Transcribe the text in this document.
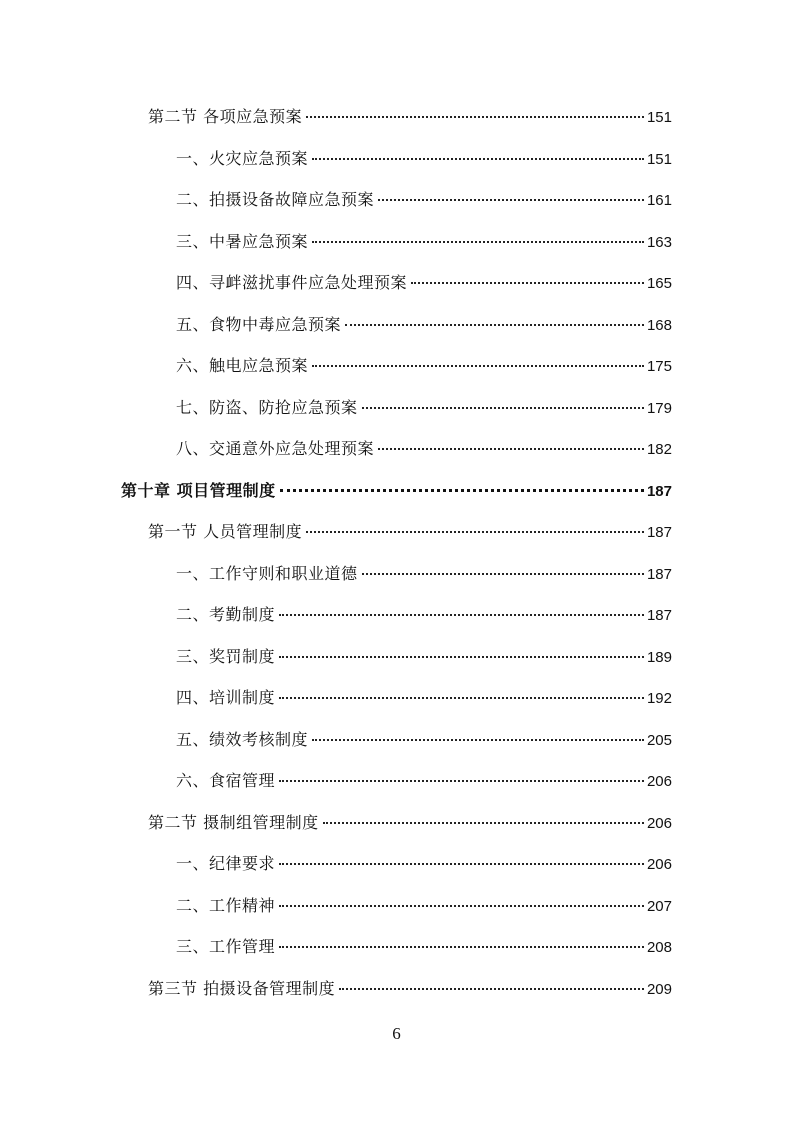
第二节 各项应急预案	151
一、火灾应急预案	151
二、拍摄设备故障应急预案	161
三、中暑应急预案	163
四、寻衅滋扰事件应急处理预案	165
五、食物中毒应急预案	168
六、触电应急预案	175
七、防盗、防抢应急预案	179
八、交通意外应急处理预案	182
第十章 项目管理制度	187
第一节 人员管理制度	187
一、工作守则和职业道德	187
二、考勤制度	187
三、奖罚制度	189
四、培训制度	192
五、绩效考核制度	205
六、食宿管理	206
第二节 摄制组管理制度	206
一、纪律要求	206
二、工作精神	207
三、工作管理	208
第三节 拍摄设备管理制度	209
6
